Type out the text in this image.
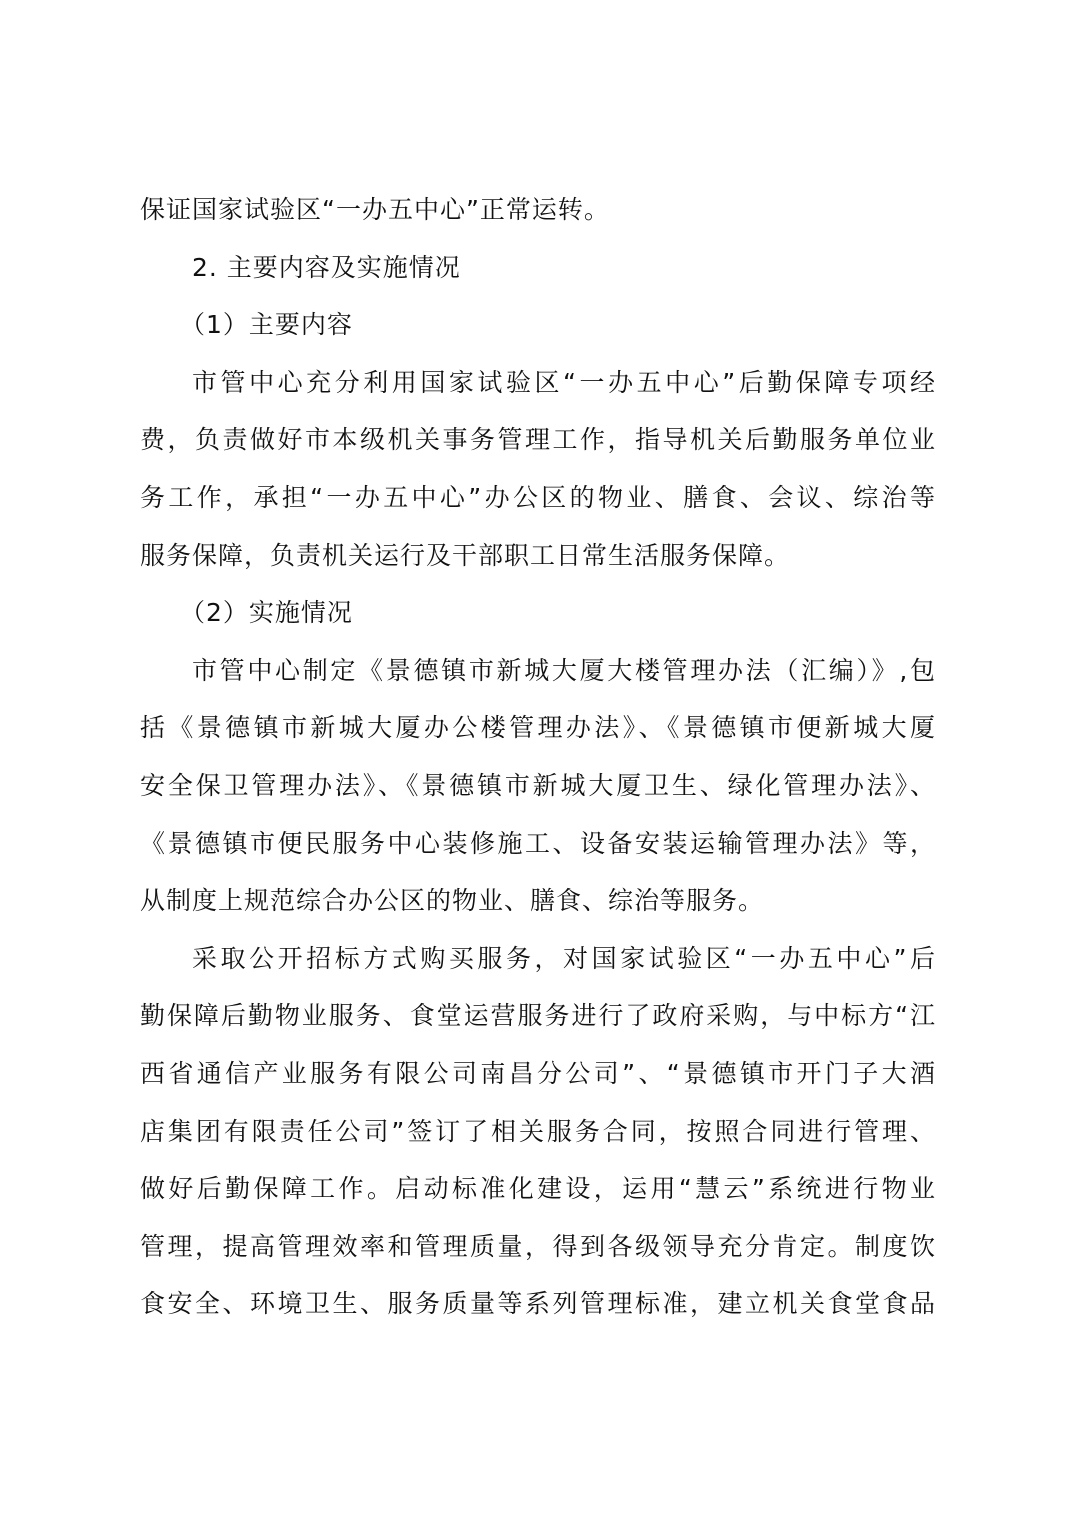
保证国家试验区“一办五中心”正常运转。
2. 主要内容及实施情况
（1）主要内容
市管中心充分利用国家试验区“一办五中心”后勤保障专项经
费，负责做好市本级机关事务管理工作，指导机关后勤服务单位业
务工作，承担“一办五中心”办公区的物业、膳食、会议、综治等
服务保障，负责机关运行及干部职工日常生活服务保障。
（2）实施情况
市管中心制定《景德镇市新城大厦大楼管理办法（汇编）》,包
括《景德镇市新城大厦办公楼管理办法》、《景德镇市便新城大厦
安全保卫管理办法》、《景德镇市新城大厦卫生、绿化管理办法》、
《景德镇市便民服务中心装修施工、设备安装运输管理办法》等，
从制度上规范综合办公区的物业、膳食、综治等服务。
采取公开招标方式购买服务，对国家试验区“一办五中心”后
勤保障后勤物业服务、食堂运营服务进行了政府采购，与中标方“江
西省通信产业服务有限公司南昌分公司”、“景德镇市开门子大酒
店集团有限责任公司”签订了相关服务合同，按照合同进行管理、
做好后勤保障工作。启动标准化建设，运用“慧云”系统进行物业
管理，提高管理效率和管理质量，得到各级领导充分肯定。制度饮
食安全、环境卫生、服务质量等系列管理标准，建立机关食堂食品
